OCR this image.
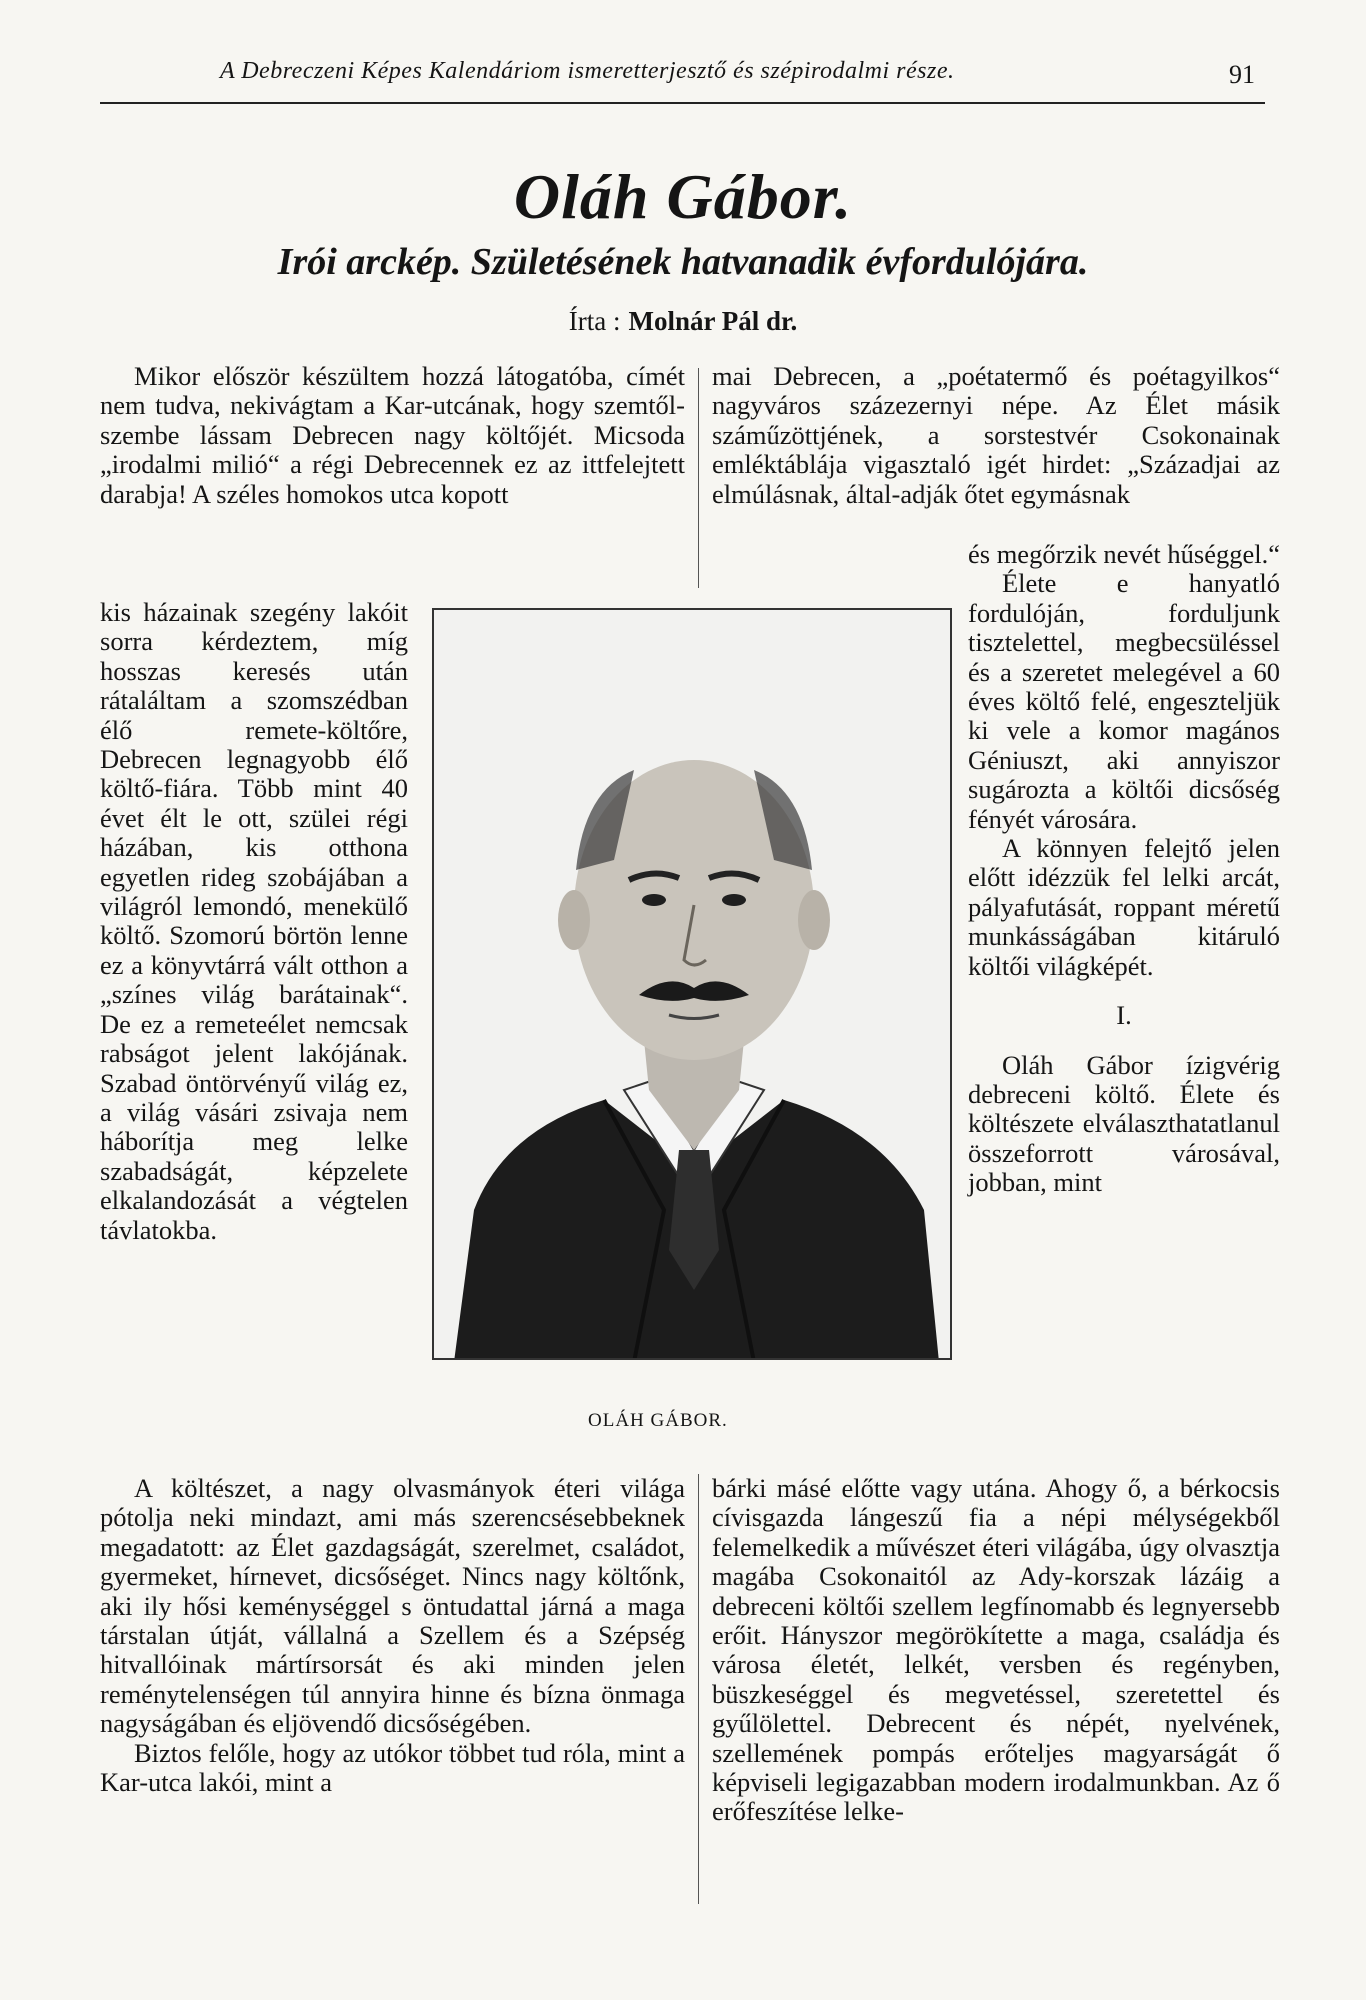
A Debreczeni Képes Kalendáriom ismeretterjesztő és szépirodalmi része.	91
Oláh Gábor.
Irói arckép. Születésének hatvanadik évfordulójára.
Írta : Molnár Pál dr.

Mikor először készültem hozzá látogatóba, címét nem tudva, nekivágtam a Kar-utcának, hogy szemtől-szembe lássam Debrecen nagy költőjét. Micsoda „irodalmi milió“ a régi Debrecennek ez az ittfelejtett darabja! A széles homokos utca kopott

kis házainak szegény lakóit sorra kérdeztem, míg hosszas keresés után rátaláltam a szomszédban élő remete-költőre, Debrecen legnagyobb élő költő-fiára. Több mint 40 évet élt le ott, szülei régi házában, kis otthona egyetlen rideg szobájában a világról lemondó, menekülő költő. Szomorú börtön lenne ez a könyvtárrá vált otthon a „színes világ barátainak“. De ez a remeteélet nemcsak rabságot jelent lakójának. Szabad öntörvényű világ ez, a világ vásári zsivaja nem háborítja meg lelke szabadságát, képzelete elkalandozását a végtelen távlatokba.

mai Debrecen, a „poétatermő és poétagyilkos“ nagyváros százezernyi népe. Az Élet másik száműzöttjének, a sorstestvér Csokonainak emléktáblája vigasztaló igét hirdet: „Századjai az elmúlásnak, által-adják őtet egymásnak

és megőrzik nevét hűséggel.“

Élete e hanyatló fordulóján, forduljunk tisztelettel, megbecsüléssel és a szeretet melegével a 60 éves költő felé, engeszteljük ki vele a komor magános Géniuszt, aki annyiszor sugározta a költői dicsőség fényét városára.

A könnyen felejtő jelen előtt idézzük fel lelki arcát, pályafutását, roppant méretű munkásságában kitáruló költői világképét.

I.

Oláh Gábor ízigvérig debreceni költő. Élete és költészete elválaszthatatlanul összeforrott városával, jobban, mint

OLÁH GÁBOR.

A költészet, a nagy olvasmányok éteri világa pótolja neki mindazt, ami más szerencsésebbeknek megadatott: az Élet gazdagságát, szerelmet, családot, gyermeket, hírnevet, dicsőséget. Nincs nagy költőnk, aki ily hősi keménységgel s öntudattal járná a maga társtalan útját, vállalná a Szellem és a Szépség hitvallóinak mártírsorsát és aki minden jelen reménytelenségen túl annyira hinne és bízna önmaga nagyságában és eljövendő dicsőségében.

Biztos felőle, hogy az utókor többet tud róla, mint a Kar-utca lakói, mint a

bárki másé előtte vagy utána. Ahogy ő, a bérkocsis cívisgazda lángeszű fia a népi mélységekből felemelkedik a művészet éteri világába, úgy olvasztja magába Csokonaitól az Ady-korszak lázáig a debreceni költői szellem legfínomabb és legnyersebb erőit. Hányszor megörökítette a maga, családja és városa életét, lelkét, versben és regényben, büszkeséggel és megvetéssel, szeretettel és gyűlölettel. Debrecent és népét, nyelvének, szellemének pompás erőteljes magyarságát ő képviseli legigazabban modern irodalmunkban. Az ő erőfeszítése lelke-
